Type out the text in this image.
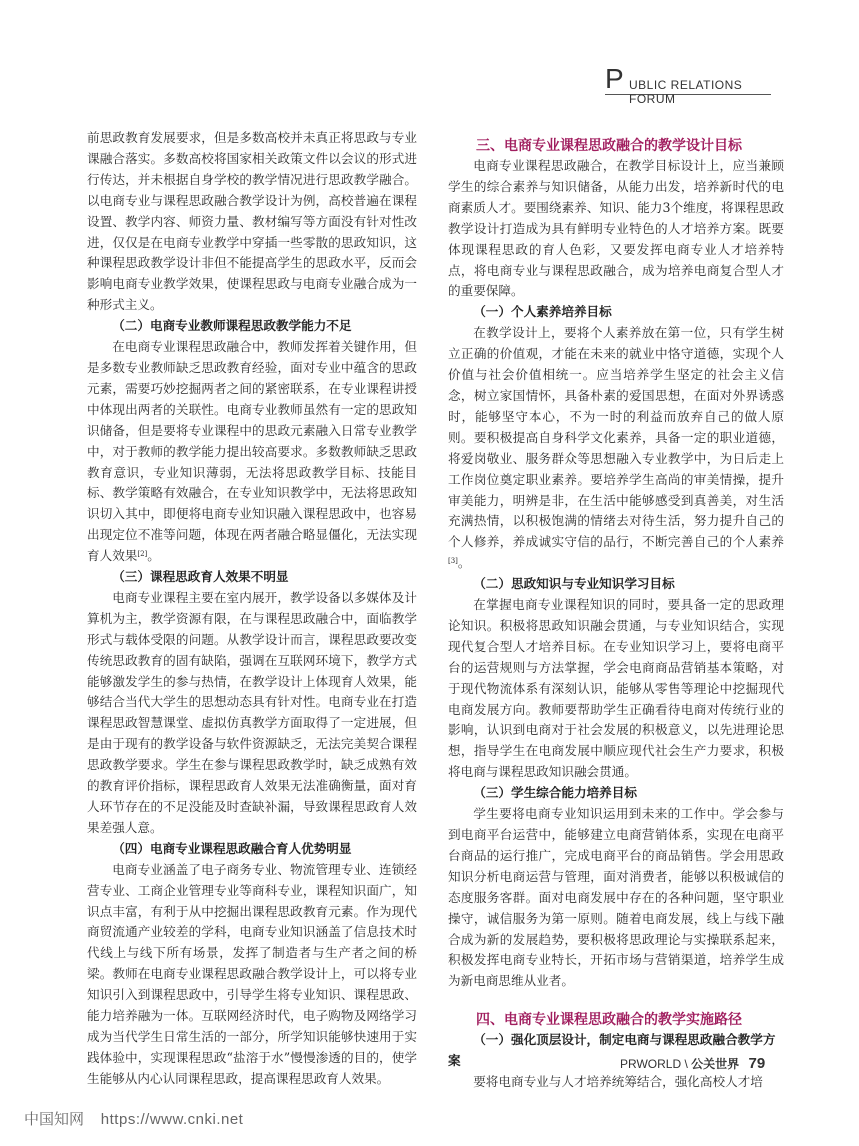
P UBLIC RELATIONS FORUM

前思政教育发展要求，但是多数高校并未真正将思政与专业课融合落实。多数高校将国家相关政策文件以会议的形式进行传达，并未根据自身学校的教学情况进行思政教学融合。以电商专业与课程思政融合教学设计为例，高校普遍在课程设置、教学内容、师资力量、教材编写等方面没有针对性改进，仅仅是在电商专业教学中穿插一些零散的思政知识，这种课程思政教学设计非但不能提高学生的思政水平，反而会影响电商专业教学效果，使课程思政与电商专业融合成为一种形式主义。

（二）电商专业教师课程思政教学能力不足

在电商专业课程思政融合中，教师发挥着关键作用，但是多数专业教师缺乏思政教育经验，面对专业中蕴含的思政元素，需要巧妙挖掘两者之间的紧密联系，在专业课程讲授中体现出两者的关联性。电商专业教师虽然有一定的思政知识储备，但是要将专业课程中的思政元素融入日常专业教学中，对于教师的教学能力提出较高要求。多数教师缺乏思政教育意识，专业知识薄弱，无法将思政教学目标、技能目标、教学策略有效融合，在专业知识教学中，无法将思政知识切入其中，即便将电商专业知识融入课程思政中，也容易出现定位不准等问题，体现在两者融合略显僵化，无法实现育人效果[2]。

（三）课程思政育人效果不明显

电商专业课程主要在室内展开，教学设备以多媒体及计算机为主，教学资源有限，在与课程思政融合中，面临教学形式与载体受限的问题。从教学设计而言，课程思政要改变传统思政教育的固有缺陷，强调在互联网环境下，教学方式能够激发学生的参与热情，在教学设计上体现育人效果，能够结合当代大学生的思想动态具有针对性。电商专业在打造课程思政智慧课堂、虚拟仿真教学方面取得了一定进展，但是由于现有的教学设备与软件资源缺乏，无法完美契合课程思政教学要求。学生在参与课程思政教学时，缺乏成熟有效的教育评价指标，课程思政育人效果无法准确衡量，面对育人环节存在的不足没能及时查缺补漏，导致课程思政育人效果差强人意。

（四）电商专业课程思政融合育人优势明显

电商专业涵盖了电子商务专业、物流管理专业、连锁经营专业、工商企业管理专业等商科专业，课程知识面广，知识点丰富，有利于从中挖掘出课程思政教育元素。作为现代商贸流通产业较差的学科，电商专业知识涵盖了信息技术时代线上与线下所有场景，发挥了制造者与生产者之间的桥梁。教师在电商专业课程思政融合教学设计上，可以将专业知识引入到课程思政中，引导学生将专业知识、课程思政、能力培养融为一体。互联网经济时代，电子购物及网络学习成为当代学生日常生活的一部分，所学知识能够快速用于实践体验中，实现课程思政“盐溶于水”慢慢渗透的目的，使学生能够从内心认同课程思政，提高课程思政育人效果。

三、电商专业课程思政融合的教学设计目标

电商专业课程思政融合，在教学目标设计上，应当兼顾学生的综合素养与知识储备，从能力出发，培养新时代的电商素质人才。要围绕素养、知识、能力3个维度，将课程思政教学设计打造成为具有鲜明专业特色的人才培养方案。既要体现课程思政的育人色彩，又要发挥电商专业人才培养特点，将电商专业与课程思政融合，成为培养电商复合型人才的重要保障。

（一）个人素养培养目标

在教学设计上，要将个人素养放在第一位，只有学生树立正确的价值观，才能在未来的就业中恪守道德，实现个人价值与社会价值相统一。应当培养学生坚定的社会主义信念，树立家国情怀，具备朴素的爱国思想，在面对外界诱惑时，能够坚守本心，不为一时的利益而放弃自己的做人原则。要积极提高自身科学文化素养，具备一定的职业道德，将爱岗敬业、服务群众等思想融入专业教学中，为日后走上工作岗位奠定职业素养。要培养学生高尚的审美情操，提升审美能力，明辨是非，在生活中能够感受到真善美，对生活充满热情，以积极饱满的情绪去对待生活，努力提升自己的个人修养，养成诚实守信的品行，不断完善自己的个人素养[3]。

（二）思政知识与专业知识学习目标

在掌握电商专业课程知识的同时，要具备一定的思政理论知识。积极将思政知识融会贯通，与专业知识结合，实现现代复合型人才培养目标。在专业知识学习上，要将电商平台的运营规则与方法掌握，学会电商商品营销基本策略，对于现代物流体系有深刻认识，能够从零售等理论中挖掘现代电商发展方向。教师要帮助学生正确看待电商对传统行业的影响，认识到电商对于社会发展的积极意义，以先进理论思想，指导学生在电商发展中顺应现代社会生产力要求，积极将电商与课程思政知识融会贯通。

（三）学生综合能力培养目标

学生要将电商专业知识运用到未来的工作中。学会参与到电商平台运营中，能够建立电商营销体系，实现在电商平台商品的运行推广，完成电商平台的商品销售。学会用思政知识分析电商运营与管理，面对消费者，能够以积极诚信的态度服务客群。面对电商发展中存在的各种问题，坚守职业操守，诚信服务为第一原则。随着电商发展，线上与线下融合成为新的发展趋势，要积极将思政理论与实操联系起来，积极发挥电商专业特长，开拓市场与营销渠道，培养学生成为新电商思维从业者。

四、电商专业课程思政融合的教学实施路径

（一）强化顶层设计，制定电商与课程思政融合教学方案

要将电商专业与人才培养统筹结合，强化高校人才培

PRWORLD \ 公关世界 79
中国知网 https://www.cnki.net
